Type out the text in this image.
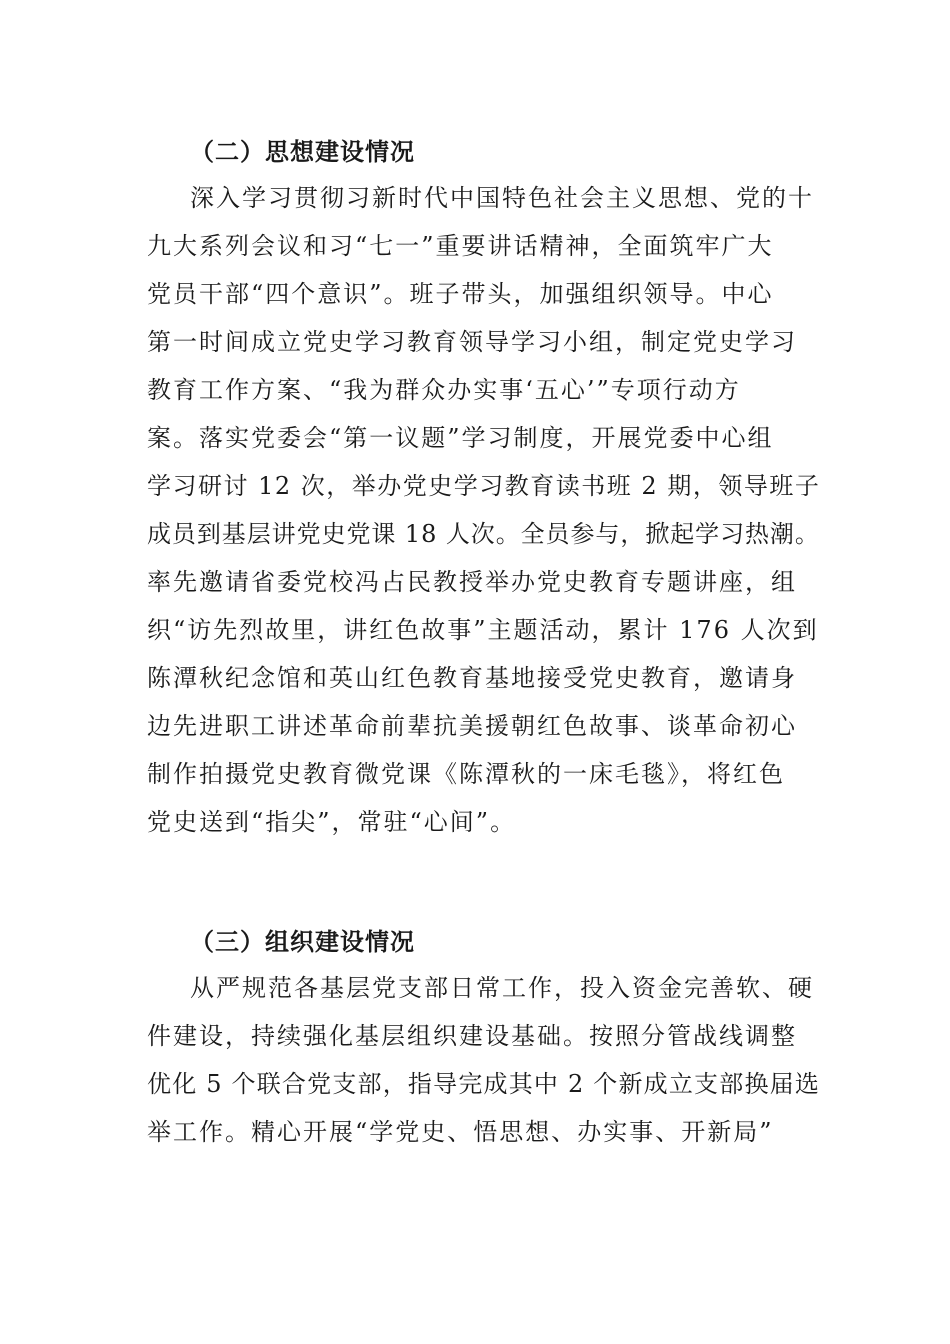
（二）思想建设情况

深入学习贯彻习新时代中国特色社会主义思想、党的十

九大系列会议和习“七一”重要讲话精神，全面筑牢广大

党员干部“四个意识”。班子带头，加强组织领导。中心

第一时间成立党史学习教育领导学习小组，制定党史学习

教育工作方案、“我为群众办实事‘五心’”专项行动方

案。落实党委会“第一议题”学习制度，开展党委中心组

学习研讨 12 次，举办党史学习教育读书班 2 期，领导班子

成员到基层讲党史党课 18 人次。全员参与，掀起学习热潮。

率先邀请省委党校冯占民教授举办党史教育专题讲座，组

织“访先烈故里，讲红色故事”主题活动，累计 176 人次到

陈潭秋纪念馆和英山红色教育基地接受党史教育，邀请身

边先进职工讲述革命前辈抗美援朝红色故事、谈革命初心

制作拍摄党史教育微党课《陈潭秋的一床毛毯》，将红色

党史送到“指尖”，常驻“心间”。

（三）组织建设情况

从严规范各基层党支部日常工作，投入资金完善软、硬

件建设，持续强化基层组织建设基础。按照分管战线调整

优化 5 个联合党支部，指导完成其中 2 个新成立支部换届选

举工作。精心开展“学党史、悟思想、办实事、开新局”
